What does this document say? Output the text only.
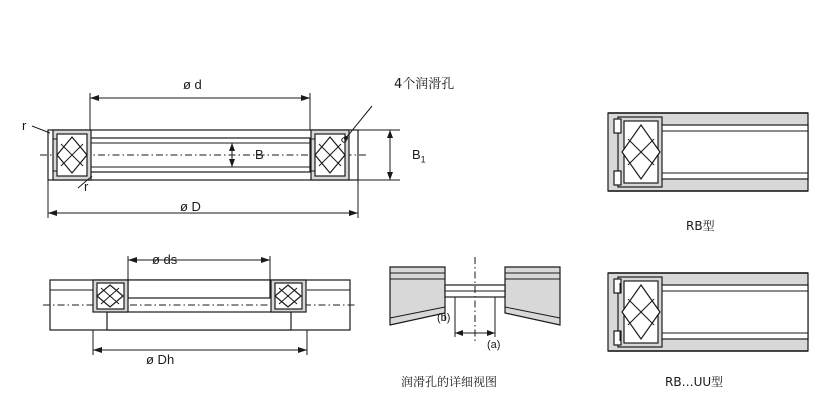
ø d
ø D
B	$B_1$
r
r
4个润滑孔
ø ds
ø Dh
(b)
(a)
润滑孔的详细视图
RB型
RB…UU型
